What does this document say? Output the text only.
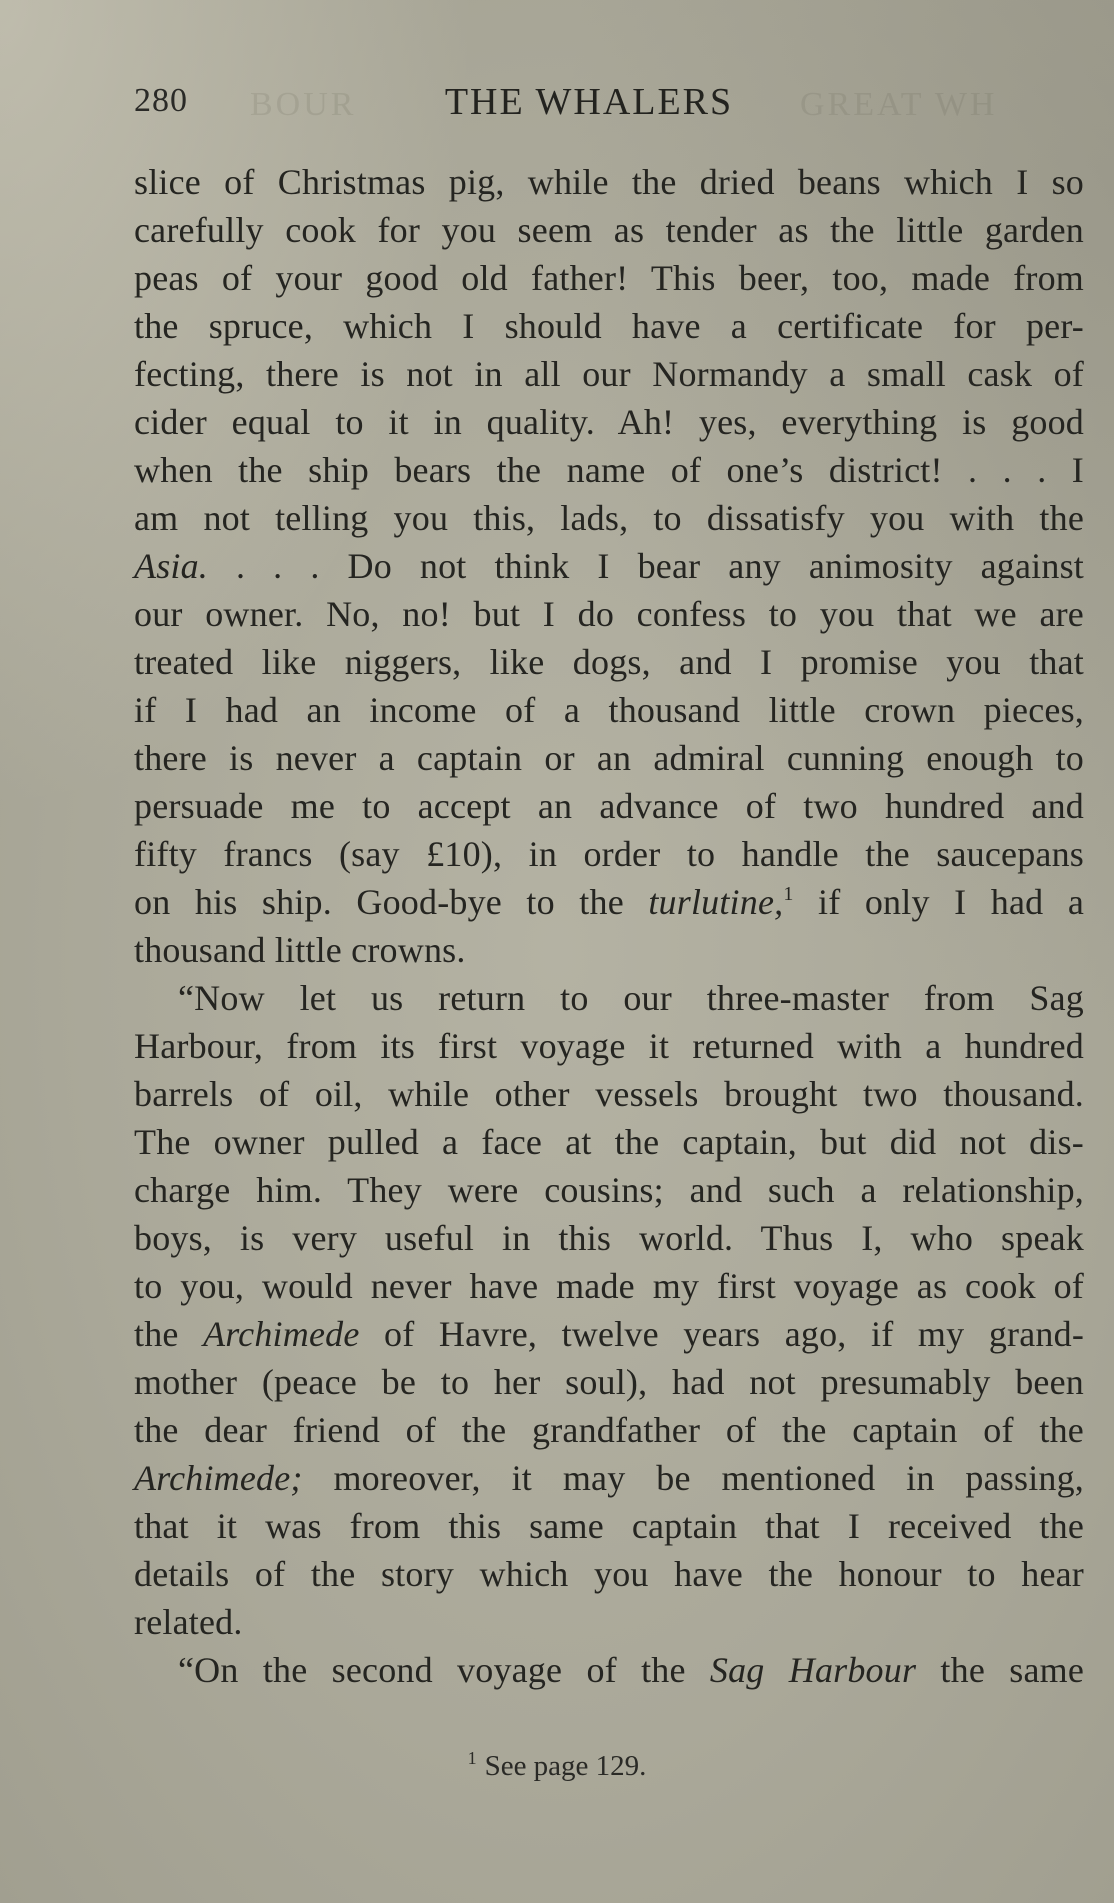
BOUR	GREAT WH
280	THE WHALERS
slice of Christmas pig, while the dried beans which I so
carefully cook for you seem as tender as the little garden
peas of your good old father! This beer, too, made from
the spruce, which I should have a certificate for per-
fecting, there is not in all our Normandy a small cask of
cider equal to it in quality. Ah! yes, everything is good
when the ship bears the name of one’s district! . . . I
am not telling you this, lads, to dissatisfy you with the
Asia. . . . Do not think I bear any animosity against
our owner. No, no! but I do confess to you that we are
treated like niggers, like dogs, and I promise you that
if I had an income of a thousand little crown pieces,
there is never a captain or an admiral cunning enough to
persuade me to accept an advance of two hundred and
fifty francs (say £10), in order to handle the saucepans
on his ship. Good-bye to the turlutine,$^1$ if only I had a
thousand little crowns.
“Now let us return to our three-master from Sag
Harbour, from its first voyage it returned with a hundred
barrels of oil, while other vessels brought two thousand.
The owner pulled a face at the captain, but did not dis-
charge him. They were cousins; and such a relationship,
boys, is very useful in this world. Thus I, who speak
to you, would never have made my first voyage as cook of
the Archimede of Havre, twelve years ago, if my grand-
mother (peace be to her soul), had not presumably been
the dear friend of the grandfather of the captain of the
Archimede; moreover, it may be mentioned in passing,
that it was from this same captain that I received the
details of the story which you have the honour to hear
related.
“On the second voyage of the Sag Harbour the same
$^1$ See page 129.
